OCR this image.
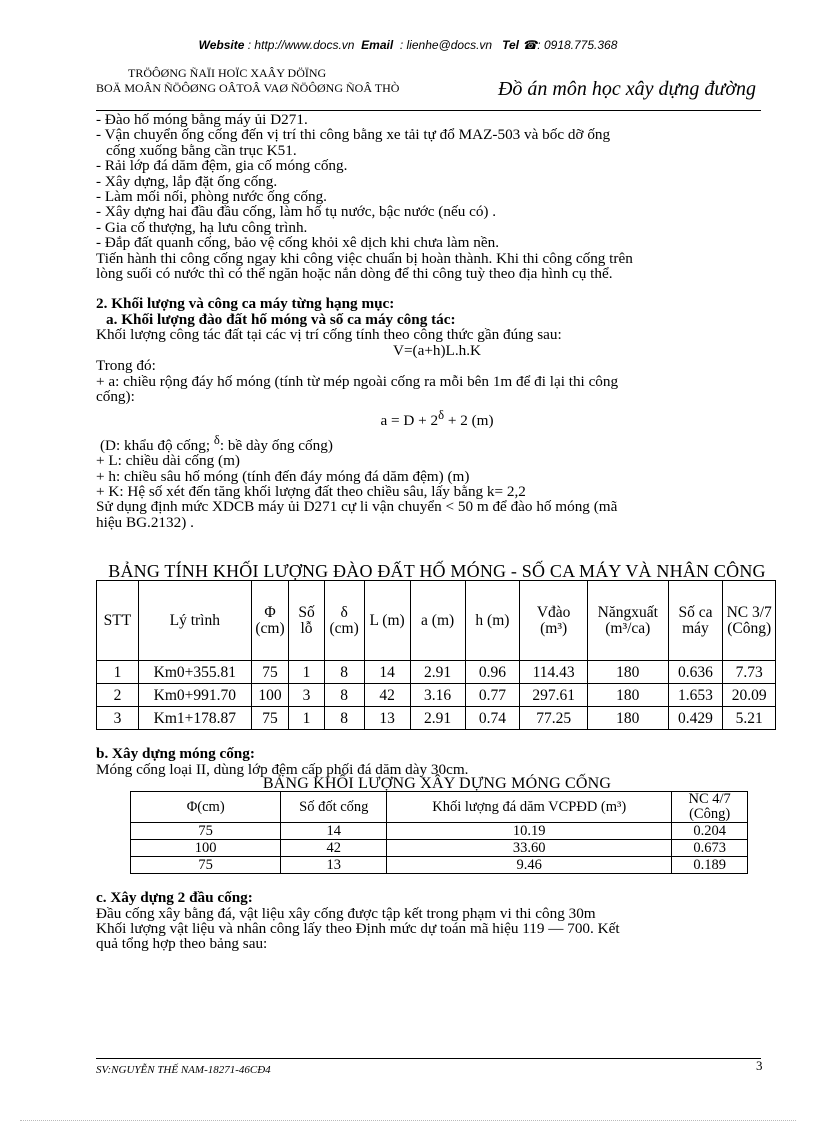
Website : http://www.docs.vn Email : lienhe@docs.vn Tel ☎: 0918.775.368
TRÖÔØNG ÑAÏI HOÏC XAÂY DÖÏNG
BOÄ MOÂN ÑÖÔØNG OÂTOÂ VAØ ÑÖÔØNG ÑOÂ THÒ	Đồ án môn học xây dựng đường

- Đào hố móng bằng máy ủi D271.

- Vận chuyển ống cống đến vị trí thi công bằng xe tải tự đổ MAZ-503 và bốc dỡ ống

cống xuống bằng cần trục K51.

- Rải lớp đá dăm đệm, gia cố móng cống.

- Xây dựng, lắp đặt ống cống.

- Làm mối nối, phòng nước ống cống.

- Xây dựng hai đầu đầu cống, làm hố tụ nước, bậc nước (nếu có) .

- Gia cố thượng, hạ lưu công trình.

- Đắp đất quanh cống, bảo vệ cống khỏi xê dịch khi chưa làm nền.

Tiến hành thi công cống ngay khi công việc chuẩn bị hoàn thành. Khi thi công cống trên

lòng suối có nước thì có thể ngăn hoặc nắn dòng để thi công tuỳ theo địa hình cụ thể.

2. Khối lượng và công ca máy từng hạng mục:

a. Khối lượng đào đất hố móng và số ca máy công tác:

Khối lượng công tác đất tại các vị trí cống tính theo công thức gần đúng sau:

V=(a+h)L.h.K

Trong đó:

+ a: chiều rộng đáy hố móng (tính từ mép ngoài cống ra mỗi bên 1m để đi lại thi công

cống):

$a = D + 2^\delta + 2$ (m)

(D: khẩu độ cống; $^\delta$: bề dày ống cống)

+ L: chiều dài cống (m)

+ h: chiều sâu hố móng (tính đến đáy móng đá dăm đệm) (m)

+ K: Hệ số xét đến tăng khối lượng đất theo chiều sâu, lấy bằng k= 2,2

Sử dụng định mức XDCB máy ủi D271 cự li vận chuyển < 50 m để đào hố móng (mã

hiệu BG.2132) .

BẢNG TÍNH KHỐI LƯỢNG ĐÀO ĐẤT HỐ MÓNG - SỐ CA MÁY VÀ NHÂN CÔNG
STT	Lý trình	Φ (cm)	Số lỗ	δ (cm)	L (m)	a (m)	h (m)	Vđào (m³)	Năngxuất (m³/ca)	Số ca máy	NC 3/7 (Công)
1	Km0+355.81	75	1	8	14	2.91	0.96	114.43	180	0.636	7.73
2	Km0+991.70	100	3	8	42	3.16	0.77	297.61	180	1.653	20.09
3	Km1+178.87	75	1	8	13	2.91	0.74	77.25	180	0.429	5.21

b. Xây dựng móng cống:

Móng cống loại II, dùng lớp đệm cấp phối đá dăm dày 30cm.

BẢNG KHỐI LƯỢNG XÂY DỰNG MÓNG CỐNG
Φ(cm)	Số đốt cống	Khối lượng đá dăm VCPĐD (m³)	NC 4/7 (Công)
75	14	10.19	0.204
100	42	33.60	0.673
75	13	9.46	0.189

c. Xây dựng 2 đầu cống:

Đầu cống xây bằng đá, vật liệu xây cống được tập kết trong phạm vi thi công 30m

Khối lượng vật liệu và nhân công lấy theo Định mức dự toán mã hiệu 119 — 700. Kết

quả tổng hợp theo bảng sau:

SV:NGUYỄN THẾ NAM-18271-46CĐ4	3
